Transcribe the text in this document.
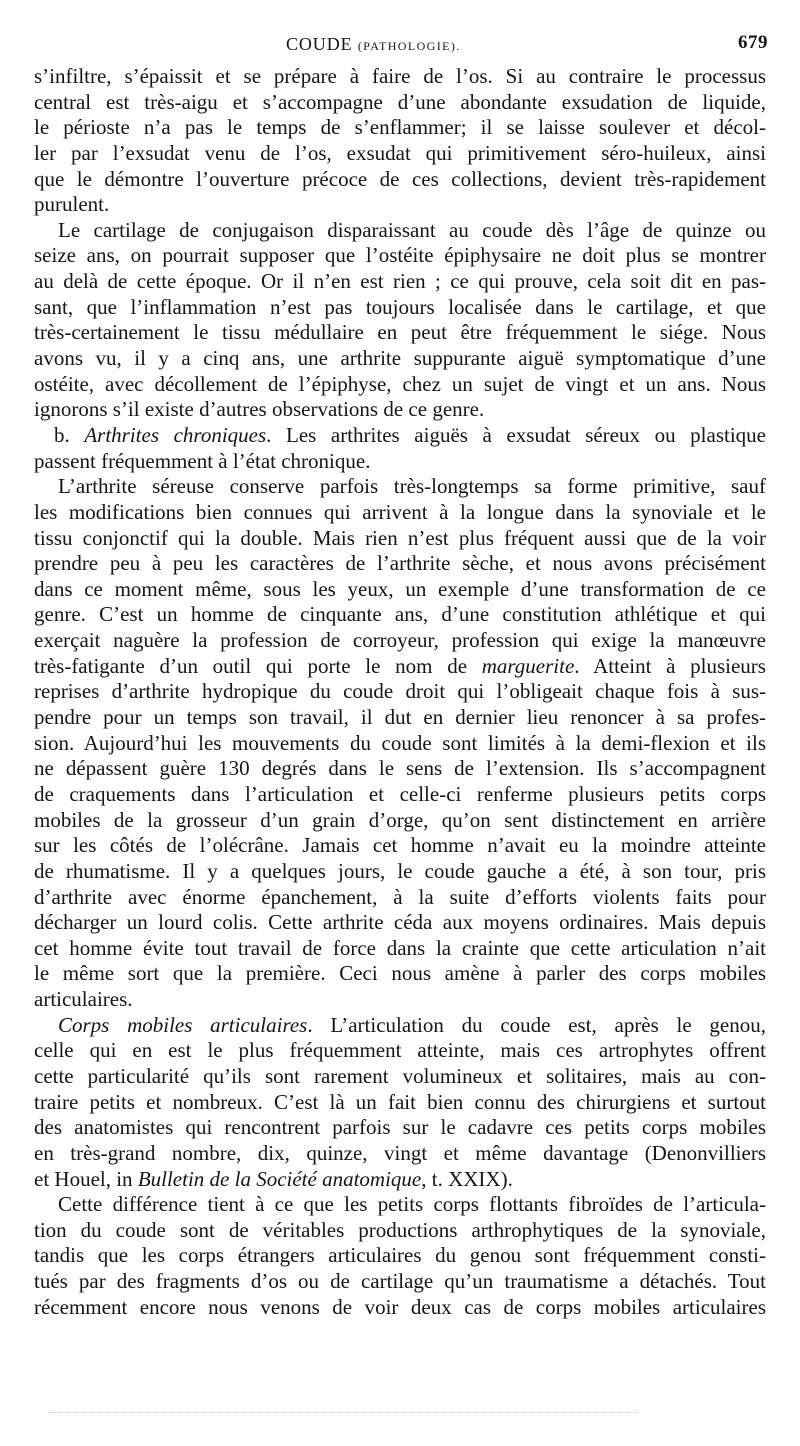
COUDE (PATHOLOGIE).	679
s’infiltre, s’épaissit et se prépare à faire de l’os. Si au contraire le processus
central est très-aigu et s’accompagne d’une abondante exsudation de liquide,
le périoste n’a pas le temps de s’enflammer; il se laisse soulever et décol-
ler par l’exsudat venu de l’os, exsudat qui primitivement séro-huileux, ainsi
que le démontre l’ouverture précoce de ces collections, devient très-rapidement
purulent.
Le cartilage de conjugaison disparaissant au coude dès l’âge de quinze ou
seize ans, on pourrait supposer que l’ostéite épiphysaire ne doit plus se montrer
au delà de cette époque. Or il n’en est rien ; ce qui prouve, cela soit dit en pas-
sant, que l’inflammation n’est pas toujours localisée dans le cartilage, et que
très-certainement le tissu médullaire en peut être fréquemment le siége. Nous
avons vu, il y a cinq ans, une arthrite suppurante aiguë symptomatique d’une
ostéite, avec décollement de l’épiphyse, chez un sujet de vingt et un ans. Nous
ignorons s’il existe d’autres observations de ce genre.
b. Arthrites chroniques. Les arthrites aiguës à exsudat séreux ou plastique
passent fréquemment à l’état chronique.
L’arthrite séreuse conserve parfois très-longtemps sa forme primitive, sauf
les modifications bien connues qui arrivent à la longue dans la synoviale et le
tissu conjonctif qui la double. Mais rien n’est plus fréquent aussi que de la voir
prendre peu à peu les caractères de l’arthrite sèche, et nous avons précisément
dans ce moment même, sous les yeux, un exemple d’une transformation de ce
genre. C’est un homme de cinquante ans, d’une constitution athlétique et qui
exerçait naguère la profession de corroyeur, profession qui exige la manœuvre
très-fatigante d’un outil qui porte le nom de marguerite. Atteint à plusieurs
reprises d’arthrite hydropique du coude droit qui l’obligeait chaque fois à sus-
pendre pour un temps son travail, il dut en dernier lieu renoncer à sa profes-
sion. Aujourd’hui les mouvements du coude sont limités à la demi-flexion et ils
ne dépassent guère 130 degrés dans le sens de l’extension. Ils s’accompagnent
de craquements dans l’articulation et celle-ci renferme plusieurs petits corps
mobiles de la grosseur d’un grain d’orge, qu’on sent distinctement en arrière
sur les côtés de l’olécrâne. Jamais cet homme n’avait eu la moindre atteinte
de rhumatisme. Il y a quelques jours, le coude gauche a été, à son tour, pris
d’arthrite avec énorme épanchement, à la suite d’efforts violents faits pour
décharger un lourd colis. Cette arthrite céda aux moyens ordinaires. Mais depuis
cet homme évite tout travail de force dans la crainte que cette articulation n’ait
le même sort que la première. Ceci nous amène à parler des corps mobiles
articulaires.
Corps mobiles articulaires. L’articulation du coude est, après le genou,
celle qui en est le plus fréquemment atteinte, mais ces artrophytes offrent
cette particularité qu’ils sont rarement volumineux et solitaires, mais au con-
traire petits et nombreux. C’est là un fait bien connu des chirurgiens et surtout
des anatomistes qui rencontrent parfois sur le cadavre ces petits corps mobiles
en très-grand nombre, dix, quinze, vingt et même davantage (Denonvilliers
et Houel, in Bulletin de la Société anatomique, t. XXIX).
Cette différence tient à ce que les petits corps flottants fibroïdes de l’articula-
tion du coude sont de véritables productions arthrophytiques de la synoviale,
tandis que les corps étrangers articulaires du genou sont fréquemment consti-
tués par des fragments d’os ou de cartilage qu’un traumatisme a détachés. Tout
récemment encore nous venons de voir deux cas de corps mobiles articulaires
